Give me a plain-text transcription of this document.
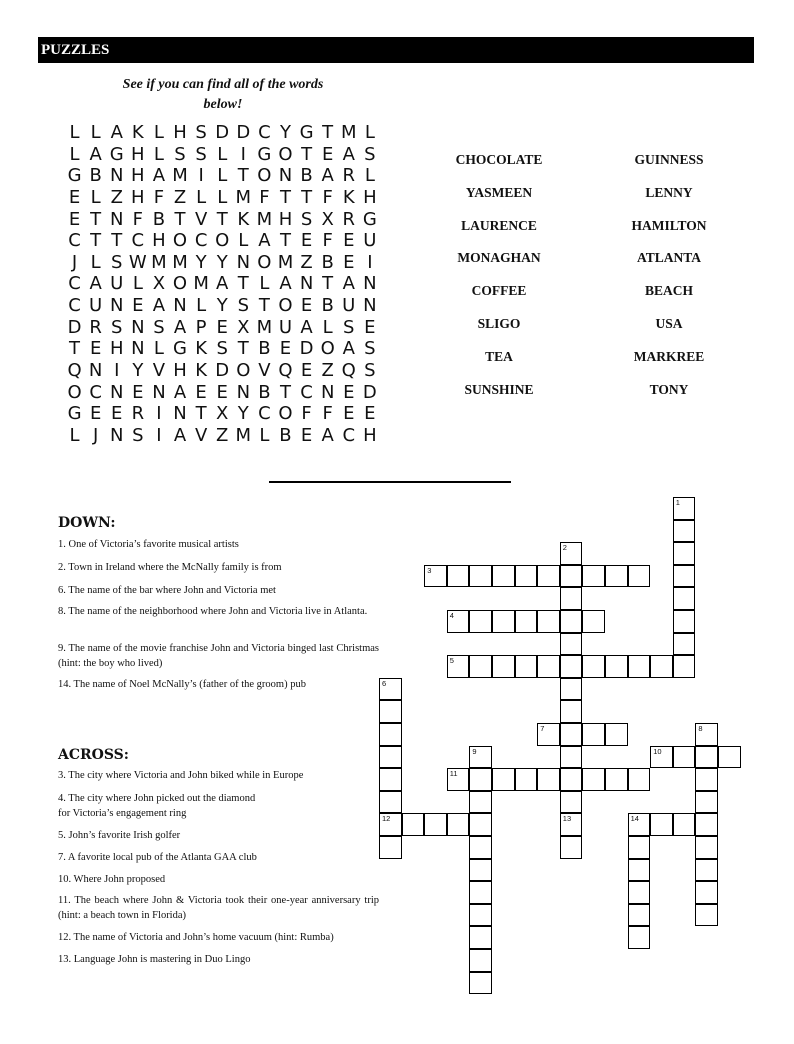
PUZZLES
See if you can find all of the words below!
L L A K L H S D D C Y G T M L
L A G H L S S L I G O T E A S
G B N H A M I L T O N B A R L
E L Z H F Z L L M F T T F K H
E T N F B T V T K M H S X R G
C T T C H O C O L A T E F E U
J L S W M M Y Y N O M Z B E I
C A U L X O M A T L A N T A N
C U N E A N L Y S T O E B U N
D R S N S A P E X M U A L S E
T E H N L G K S T B E D O A S
Q N I Y V H K D O V Q E Z Q S
O C N E N A E E N B T C N E D
G E E R I N T X Y C O F F E E
L J N S I A V Z M L B E A C H
CHOCOLATE	GUINNESS
YASMEEN	LENNY
LAURENCE	HAMILTON
MONAGHAN	ATLANTA
COFFEE	BEACH
SLIGO	USA
TEA	MARKREE
SUNSHINE	TONY
DOWN:
1. One of Victoria’s favorite musical artists
2. Town in Ireland where the McNally family is from
6. The name of the bar where John and Victoria met
8. The name of the neighborhood where John and Victoria live in Atlanta.
9. The name of the movie franchise John and Victoria binged last Christmas (hint: the boy who lived)
14. The name of Noel McNally’s (father of the groom) pub
ACROSS:
3. The city where Victoria and John biked while in Europe
4. The city where John picked out the diamond
for Victoria’s engagement ring
5. John’s favorite Irish golfer
7. A favorite local pub of the Atlanta GAA club
10. Where John proposed
11. The beach where John & Victoria took their one-year anniversary trip (hint: a beach town in Florida)
12. The name of Victoria and John’s home vacuum (hint: Rumba)
13. Language John is mastering in Duo Lingo
1
2
13
3
4
5
6
12
7	8
9	10
11
14
